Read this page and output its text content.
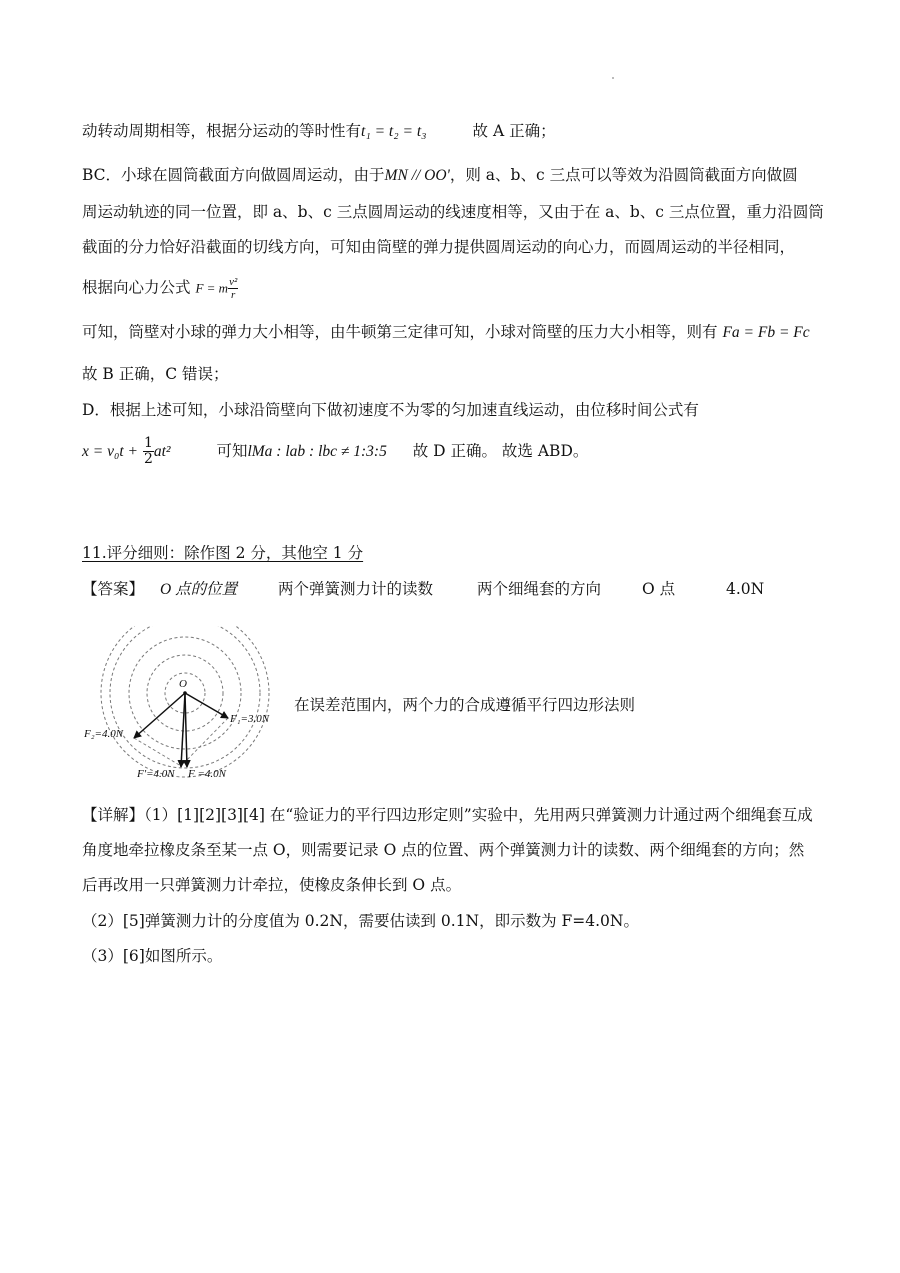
动转动周期相等，根据分运动的等时性有t₁ = t₂ = t₃	故 A 正确；
BC．小球在圆筒截面方向做圆周运动，由于MN // OO'，则 a、b、c 三点可以等效为沿圆筒截面方向做圆
周运动轨迹的同一位置，即 a、b、c 三点圆周运动的线速度相等，又由于在 a、b、c 三点位置，重力沿圆筒
截面的分力恰好沿截面的切线方向，可知由筒壁的弹力提供圆周运动的向心力，而圆周运动的半径相同，
根据向心力公式 F = m $\frac{\text{v²}}{r}$
可知，筒壁对小球的弹力大小相等，由牛顿第三定律可知，小球对筒壁的压力大小相等，则有 Fa = Fb = Fc
故 B 正确，C 错误；
D．根据上述可知，小球沿筒壁向下做初速度不为零的匀加速直线运动，由位移时间公式有
$x = v_0t + \frac{1}{2} at^2$	可知lMa : lab : lbc ≠ 1:3:5 故 D 正确。 故选 ABD。
11.评分细则：除作图 2 分，其他空 1 分
【答案】 O 点的位置	两个弹簧测力计的读数	两个细绳套的方向	O 点	4.0N
O
F₁=3.0N
F₂=4.0N
F′=4.0N F =4.0N
在误差范围内，两个力的合成遵循平行四边形法则
【详解】（1）[1][2][3][4] 在“验证力的平行四边形定则”实验中，先用两只弹簧测力计通过两个细绳套互成
角度地牵拉橡皮条至某一点 O，则需要记录 O 点的位置、两个弹簧测力计的读数、两个细绳套的方向；然
后再改用一只弹簧测力计牵拉，使橡皮条伸长到 O 点。
（2）[5]弹簧测力计的分度值为 0.2N，需要估读到 0.1N，即示数为 F=4.0N。
（3）[6]如图所示。
